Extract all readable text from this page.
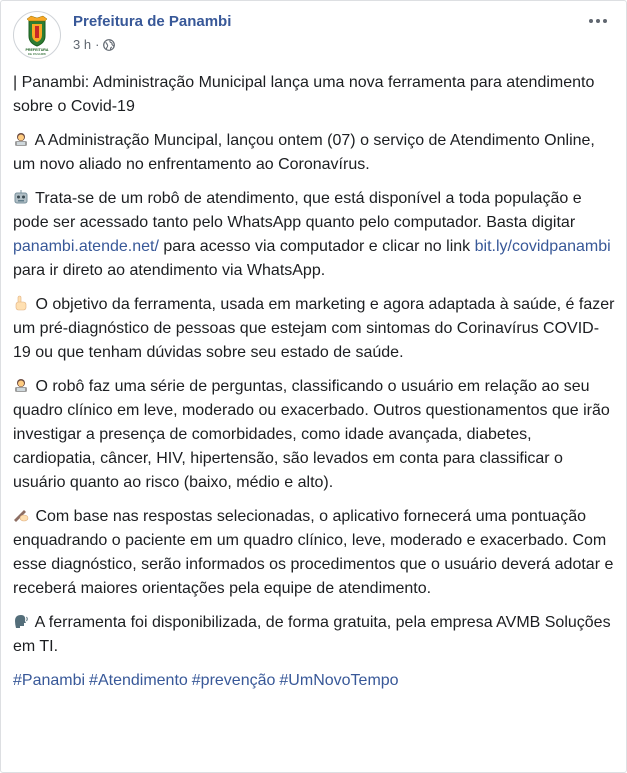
PREFEITURA
DE PANAMBI
Prefeitura de Panambi
3 h ·

| Panambi: Administração Municipal lança uma nova ferramenta para atendimento sobre o Covid-19

A Administração Muncipal, lançou ontem (07) o serviço de Atendimento Online, um novo aliado no enfrentamento ao Coronavírus.

Trata-se de um robô de atendimento, que está disponível a toda população e pode ser acessado tanto pelo WhatsApp quanto pelo computador. Basta digitar panambi.atende.net/ para acesso via computador e clicar no link bit.ly/covidpanambi para ir direto ao atendimento via WhatsApp.

O objetivo da ferramenta, usada em marketing e agora adaptada à saúde, é fazer um pré-diagnóstico de pessoas que estejam com sintomas do Corinavírus COVID-19 ou que tenham dúvidas sobre seu estado de saúde.

O robô faz uma série de perguntas, classificando o usuário em relação ao seu quadro clínico em leve, moderado ou exacerbado. Outros questionamentos que irão investigar a presença de comorbidades, como idade avançada, diabetes, cardiopatia, câncer, HIV, hipertensão, são levados em conta para classificar o usuário quanto ao risco (baixo, médio e alto).

Com base nas respostas selecionadas, o aplicativo fornecerá uma pontuação enquadrando o paciente em um quadro clínico, leve, moderado e exacerbado. Com esse diagnóstico, serão informados os procedimentos que o usuário deverá adotar e receberá maiores orientações pela equipe de atendimento.

A ferramenta foi disponibilizada, de forma gratuita, pela empresa AVMB Soluções em TI.

#Panambi #Atendimento #prevenção #UmNovoTempo
